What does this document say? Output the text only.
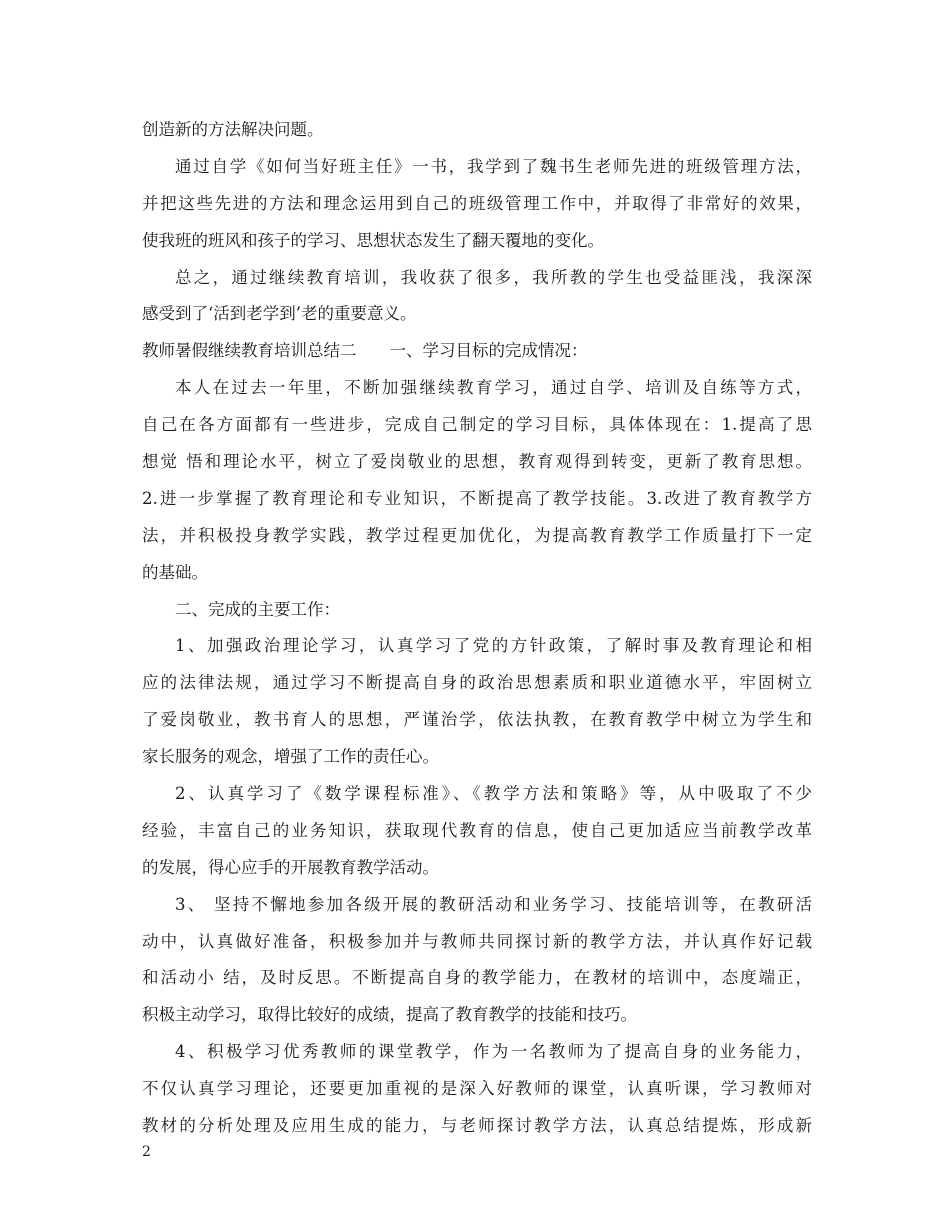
创造新的方法解决问题。
通过自学《如何当好班主任》一书，我学到了魏书生老师先进的班级管理方法，
并把这些先进的方法和理念运用到自己的班级管理工作中，并取得了非常好的效果，
使我班的班风和孩子的学习、思想状态发生了翻天覆地的变化。
总之，通过继续教育培训，我收获了很多，我所教的学生也受益匪浅，我深深
感受到了‘活到老学到’老的重要意义。
教师暑假继续教育培训总结二　　一、学习目标的完成情况：
本人在过去一年里，不断加强继续教育学习，通过自学、培训及自练等方式，
自己在各方面都有一些进步，完成自己制定的学习目标，具体体现在：1.提高了思
想觉 悟和理论水平，树立了爱岗敬业的思想，教育观得到转变，更新了教育思想。
2.进一步掌握了教育理论和专业知识，不断提高了教学技能。3.改进了教育教学方
法，并积极投身教学实践，教学过程更加优化，为提高教育教学工作质量打下一定
的基础。
二、完成的主要工作：
1、加强政治理论学习，认真学习了党的方针政策，了解时事及教育理论和相
应的法律法规，通过学习不断提高自身的政治思想素质和职业道德水平，牢固树立
了爱岗敬业，教书育人的思想，严谨治学，依法执教，在教育教学中树立为学生和
家长服务的观念，增强了工作的责任心。
2、认真学习了《数学课程标准》、《教学方法和策略》等，从中吸取了不少
经验，丰富自己的业务知识，获取现代教育的信息，使自己更加适应当前教学改革
的发展，得心应手的开展教育教学活动。
3、 坚持不懈地参加各级开展的教研活动和业务学习、技能培训等，在教研活
动中，认真做好准备，积极参加并与教师共同探讨新的教学方法，并认真作好记载
和活动小 结，及时反思。不断提高自身的教学能力，在教材的培训中，态度端正，
积极主动学习，取得比较好的成绩，提高了教育教学的技能和技巧。
4、积极学习优秀教师的课堂教学，作为一名教师为了提高自身的业务能力，
不仅认真学习理论，还要更加重视的是深入好教师的课堂，认真听课，学习教师对
教材的分析处理及应用生成的能力，与老师探讨教学方法，认真总结提炼，形成新
2
